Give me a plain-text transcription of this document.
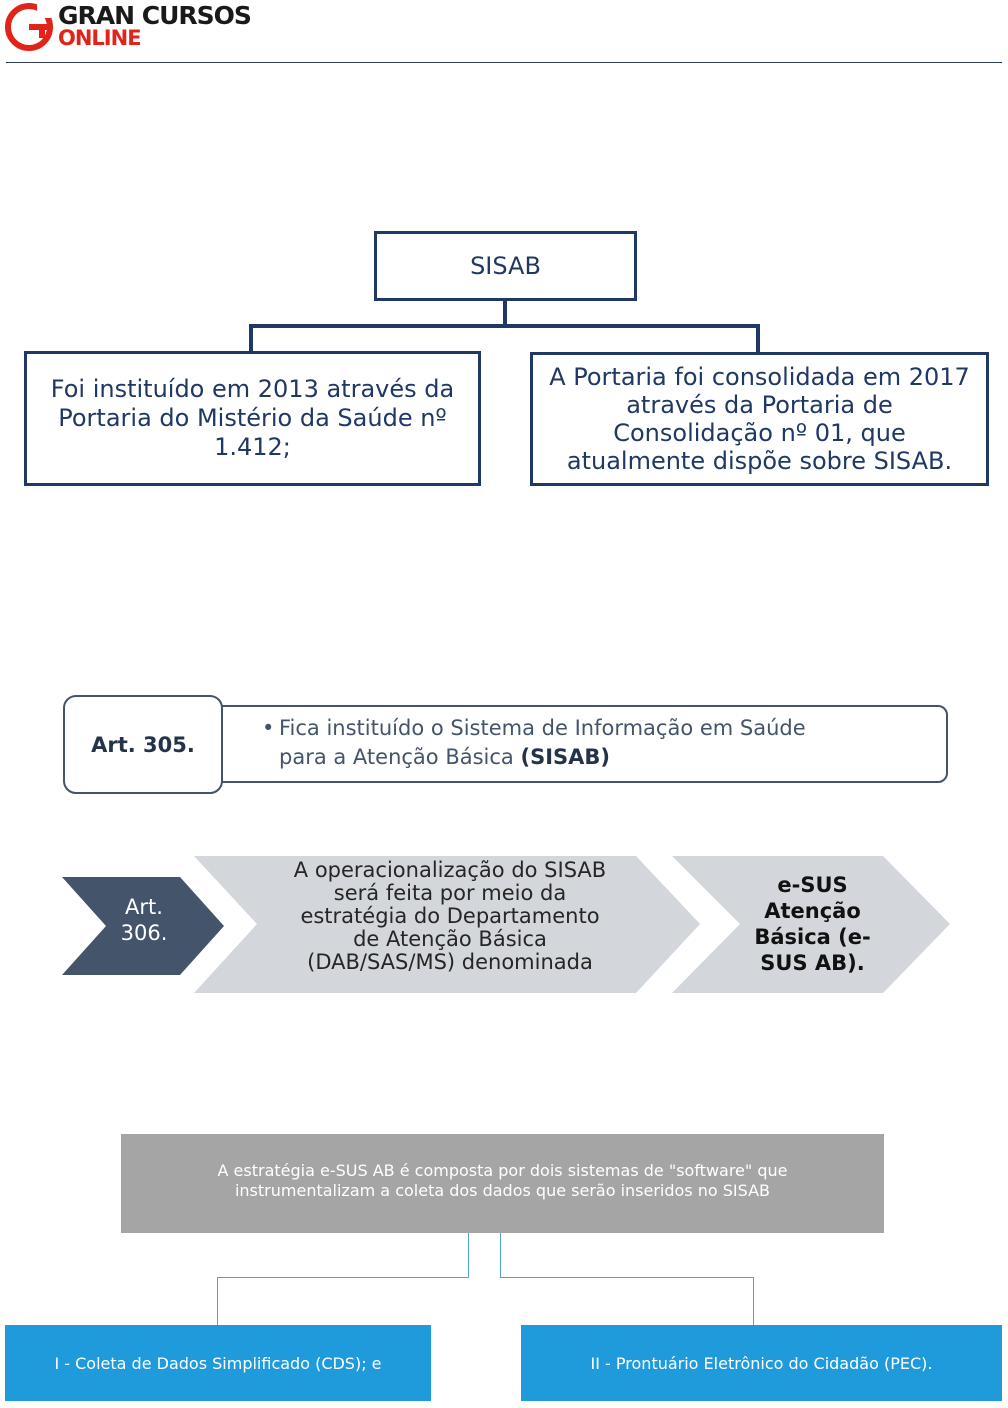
GRAN CURSOS
ONLINE
SISAB
Foi instituído em 2013 através da Portaria do Mistério da Saúde nº 1.412;
A Portaria foi consolidada em 2017
através da Portaria de
Consolidação nº 01, que
atualmente dispõe sobre SISAB.
Art. 305.
• Fica instituído o Sistema de Informação em Saúde
para a Atenção Básica (SISAB)
Art.
306.
A operacionalização do SISAB
será feita por meio da
estratégia do Departamento
de Atenção Básica
(DAB/SAS/MS) denominada
e-SUS
Atenção
Básica (e-
SUS AB).
A estratégia e-SUS AB é composta por dois sistemas de "software" que
instrumentalizam a coleta dos dados que serão inseridos no SISAB
I - Coleta de Dados Simplificado (CDS); e	II - Prontuário Eletrônico do Cidadão (PEC).
